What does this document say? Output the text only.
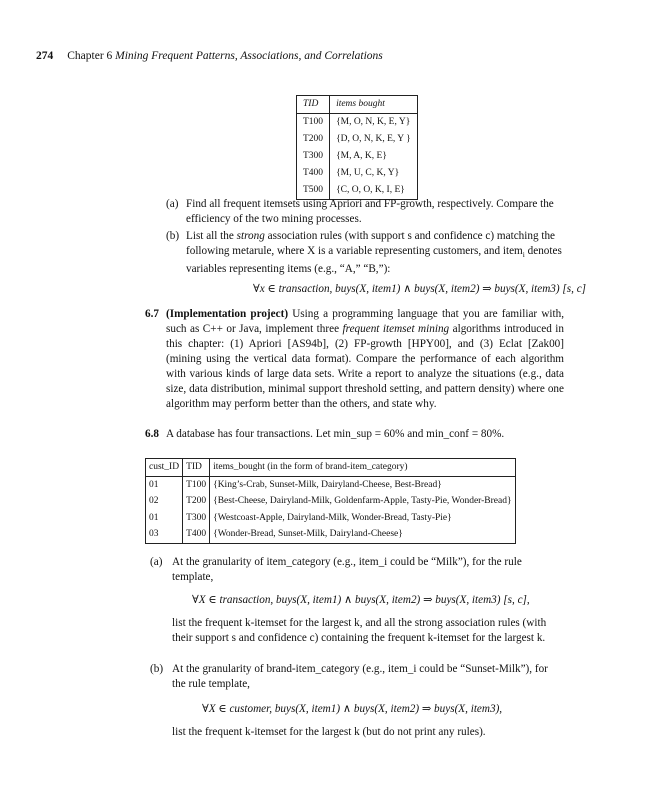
274 Chapter 6 Mining Frequent Patterns, Associations, and Correlations
TID	items bought
T100	{M, O, N, K, E, Y}
T200	{D, O, N, K, E, Y }
T300	{M, A, K, E}
T400	{M, U, C, K, Y}
T500	{C, O, O, K, I, E}
(a) Find all frequent itemsets using Apriori and FP-growth, respectively. Compare the efficiency of the two mining processes.
(b) List all the strong association rules (with support s and confidence c) matching the following metarule, where X is a variable representing customers, and item$_i$ denotes variables representing items (e.g., “A,” “B,”):
∀x ∈ transaction, buys(X, item1) ∧ buys(X, item2) ⇒ buys(X, item3) [s, c]
6.7 (Implementation project) Using a programming language that you are familiar with, such as C++ or Java, implement three frequent itemset mining algorithms introduced in this chapter: (1) Apriori [AS94b], (2) FP-growth [HPY00], and (3) Eclat [Zak00] (mining using the vertical data format). Compare the performance of each algorithm with various kinds of large data sets. Write a report to analyze the situations (e.g., data size, data distribution, minimal support threshold setting, and pattern density) where one algorithm may perform better than the others, and state why.
6.8 A database has four transactions. Let min_sup = 60% and min_conf = 80%.
cust_ID	TID	items_bought (in the form of brand-item_category)
01	T100	{King’s-Crab, Sunset-Milk, Dairyland-Cheese, Best-Bread}
02	T200	{Best-Cheese, Dairyland-Milk, Goldenfarm-Apple, Tasty-Pie, Wonder-Bread}
01	T300	{Westcoast-Apple, Dairyland-Milk, Wonder-Bread, Tasty-Pie}
03	T400	{Wonder-Bread, Sunset-Milk, Dairyland-Cheese}
(a) At the granularity of item_category (e.g., item_i could be “Milk”), for the rule template,
∀X ∈ transaction, buys(X, item1) ∧ buys(X, item2) ⇒ buys(X, item3) [s, c],
list the frequent k-itemset for the largest k, and all the strong association rules (with their support s and confidence c) containing the frequent k-itemset for the largest k.
(b) At the granularity of brand-item_category (e.g., item_i could be “Sunset-Milk”), for the rule template,
∀X ∈ customer, buys(X, item1) ∧ buys(X, item2) ⇒ buys(X, item3),
list the frequent k-itemset for the largest k (but do not print any rules).
